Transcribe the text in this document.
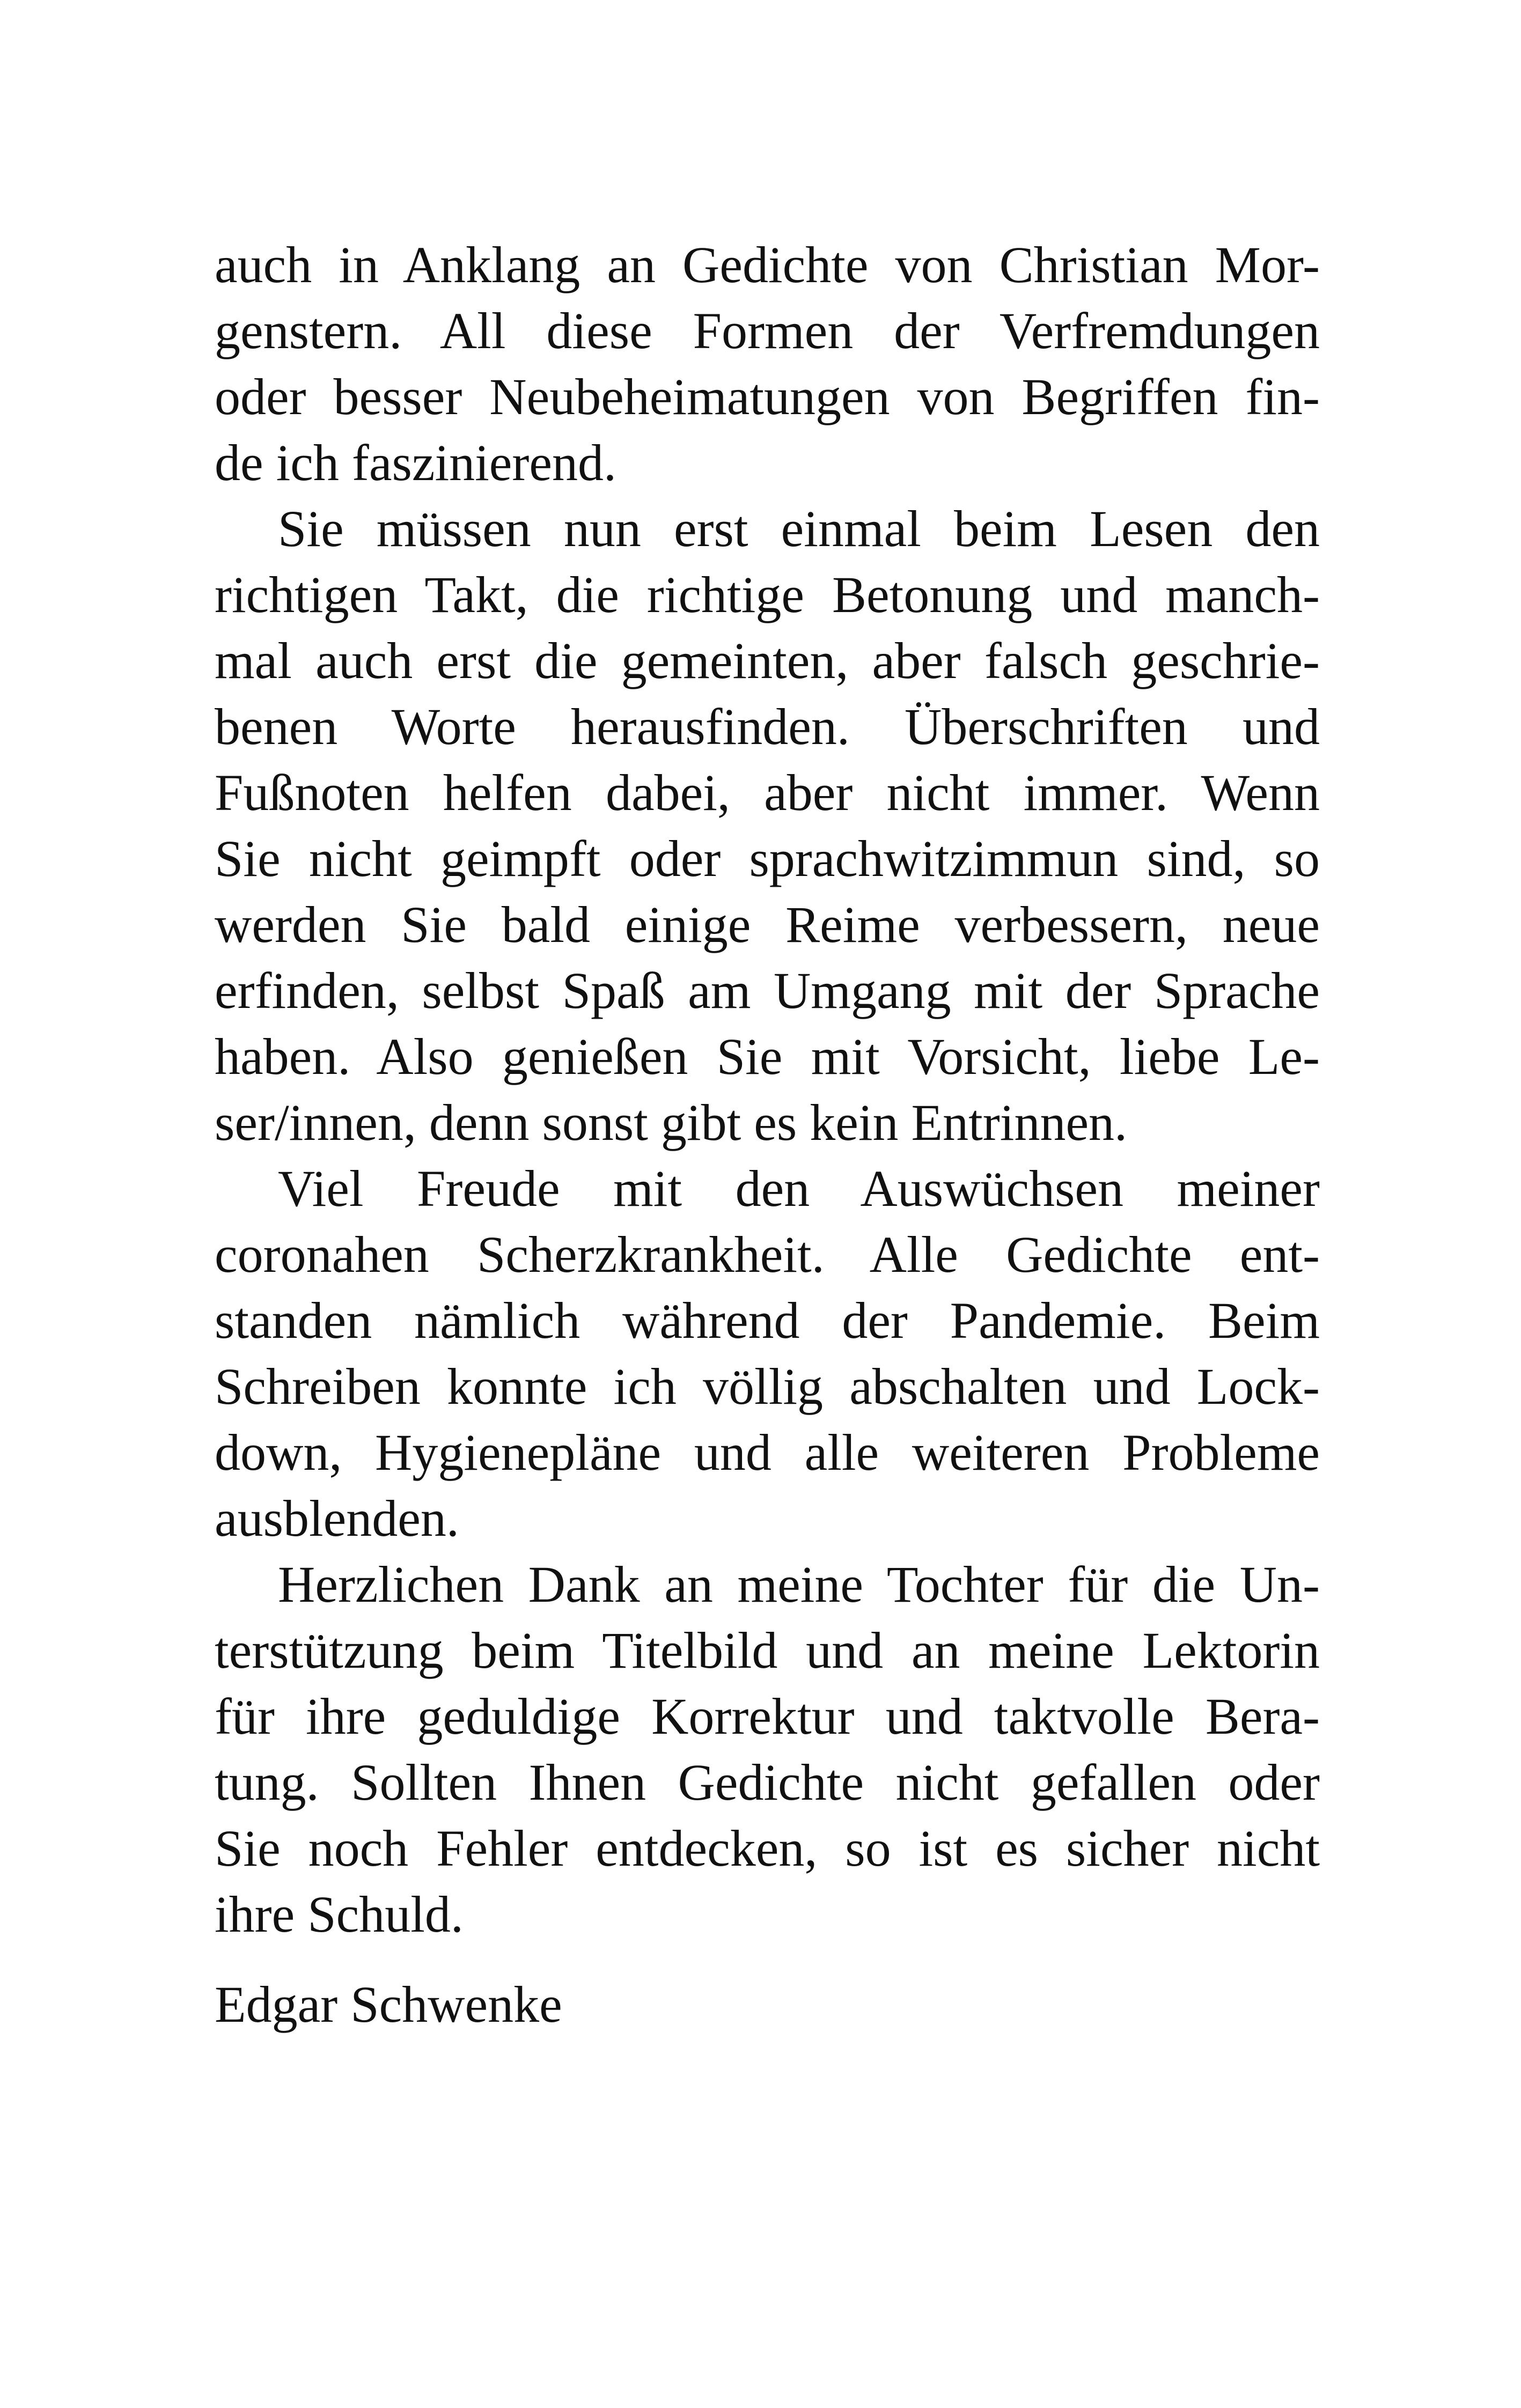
auch in Anklang an Gedichte von Christian Mor-
genstern. All diese Formen der Verfremdungen
oder besser Neubeheimatungen von Begriffen fin-
de ich faszinierend.
Sie müssen nun erst einmal beim Lesen den
richtigen Takt, die richtige Betonung und manch-
mal auch erst die gemeinten, aber falsch geschrie-
benen Worte herausfinden. Überschriften und
Fußnoten helfen dabei, aber nicht immer. Wenn
Sie nicht geimpft oder sprachwitzimmun sind, so
werden Sie bald einige Reime verbessern, neue
erfinden, selbst Spaß am Umgang mit der Sprache
haben. Also genießen Sie mit Vorsicht, liebe Le-
ser/innen, denn sonst gibt es kein Entrinnen.
Viel Freude mit den Auswüchsen meiner
coronahen Scherzkrankheit. Alle Gedichte ent-
standen nämlich während der Pandemie. Beim
Schreiben konnte ich völlig abschalten und Lock-
down, Hygienepläne und alle weiteren Probleme
ausblenden.
Herzlichen Dank an meine Tochter für die Un-
terstützung beim Titelbild und an meine Lektorin
für ihre geduldige Korrektur und taktvolle Bera-
tung. Sollten Ihnen Gedichte nicht gefallen oder
Sie noch Fehler entdecken, so ist es sicher nicht
ihre Schuld.
Edgar Schwenke
